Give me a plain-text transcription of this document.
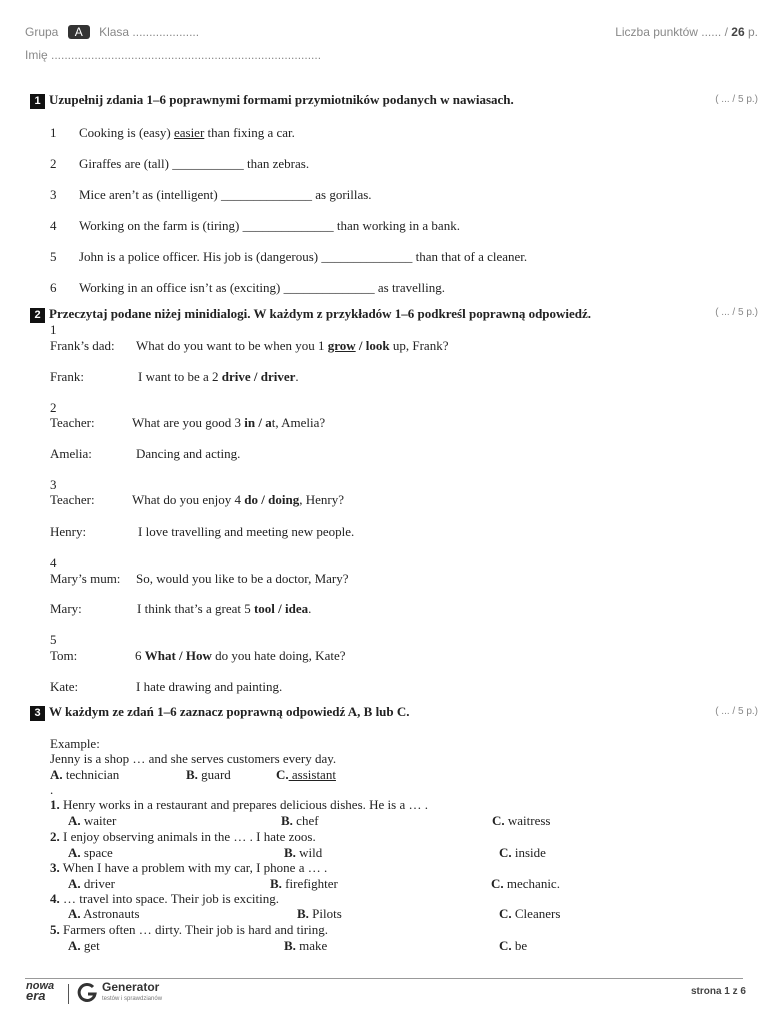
Grupa A Klasa ....................	Liczba punktów ...... / 26 p.
Imię .................................................................................
1 Uzupełnij zdania 1–6 poprawnymi formami przymiotników podanych w nawiasach.	( ... / 5 p.)
1 Cooking is (easy) easier than fixing a car.
2 Giraffes are (tall) ___________ than zebras.
3 Mice aren’t as (intelligent) ______________ as gorillas.
4 Working on the farm is (tiring) ______________ than working in a bank.
5 John is a police officer. His job is (dangerous) ______________ than that of a cleaner.
6 Working in an office isn’t as (exciting) ______________ as travelling.
2 Przeczytaj podane niżej minidialogi. W każdym z przykładów 1–6 podkreśl poprawną odpowiedź.	( ... / 5 p.)
1
Frank’s dad: What do you want to be when you 1 grow / look up, Frank?
Frank:	I want to be a 2 drive / driver.
2
Teacher:	What are you good 3 in / at, Amelia?
Amelia:	Dancing and acting.
3
Teacher:	What do you enjoy 4 do / doing, Henry?
Henry:	I love travelling and meeting new people.
4
Mary’s mum: So, would you like to be a doctor, Mary?
Mary:	I think that’s a great 5 tool / idea.
5
Tom:	6 What / How do you hate doing, Kate?
Kate:	I hate drawing and painting.
3 W każdym ze zdań 1–6 zaznacz poprawną odpowiedź A, B lub C.	( ... / 5 p.)
Example:
Jenny is a shop … and she serves customers every day.
A. technician	B. guard	C. assistant
.
1. Henry works in a restaurant and prepares delicious dishes. He is a … .
A. waiter	B. chef	C. waitress
2. I enjoy observing animals in the … . I hate zoos.
A. space	B. wild	C. inside
3. When I have a problem with my car, I phone a … .
A. driver	B. firefighter	C. mechanic.
4. … travel into space. Their job is exciting.
A. Astronauts	B. Pilots	C. Cleaners
5. Farmers often … dirty. Their job is hard and tiring.
A. get	B. make	C. be
nowa
era
Generator
testów i sprawdzianów
strona 1 z 6
